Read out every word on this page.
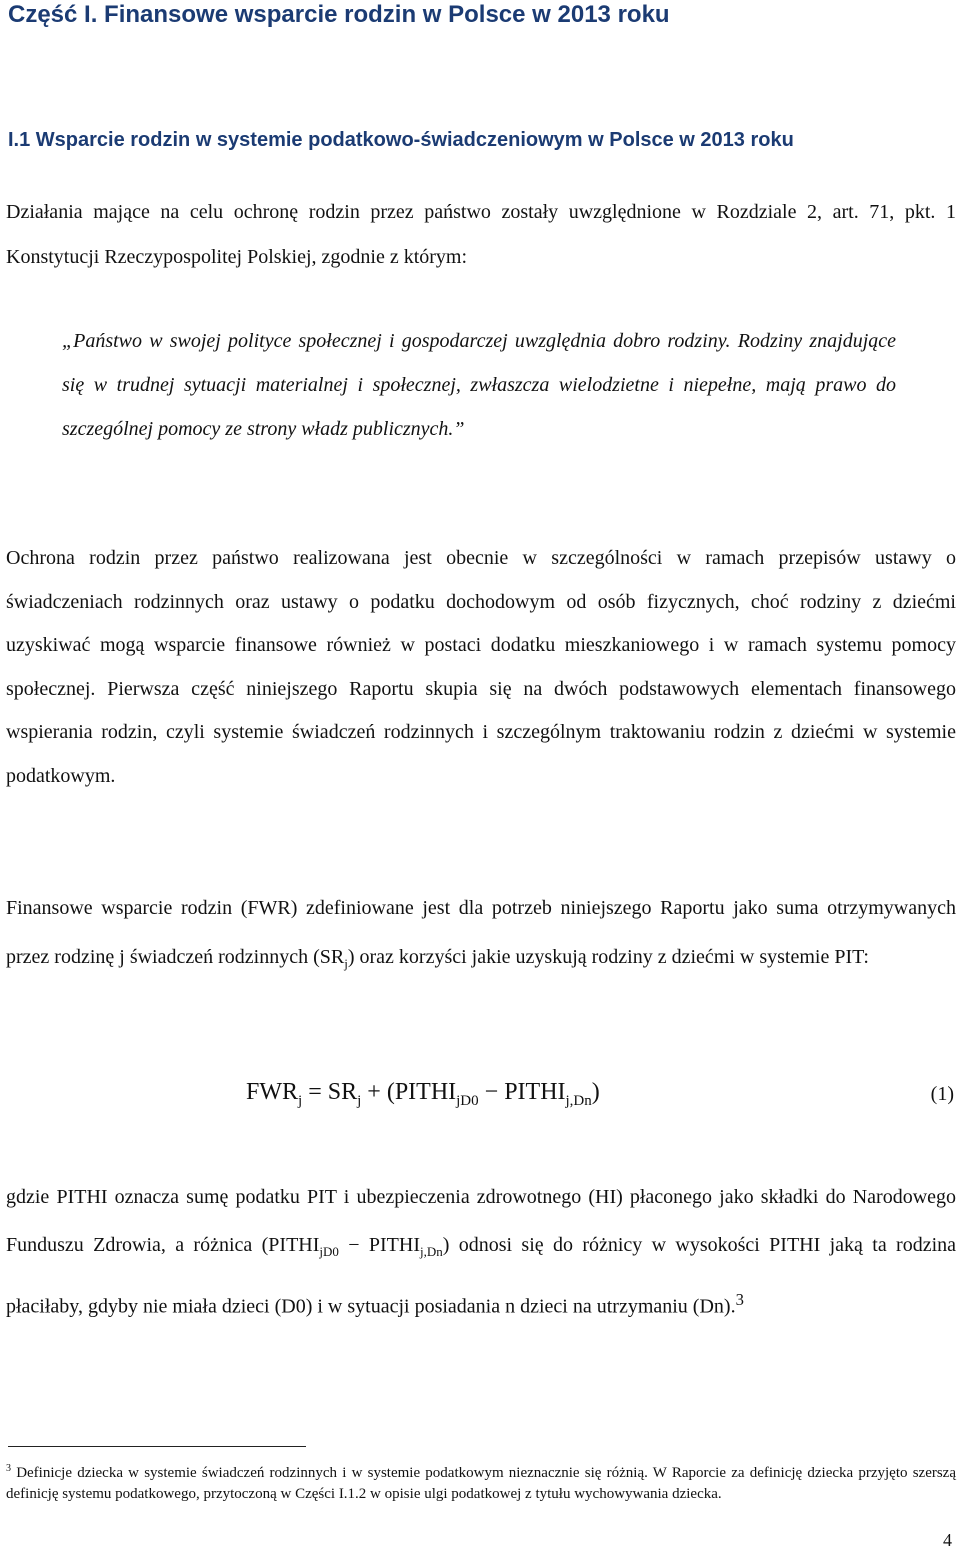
Część I. Finansowe wsparcie rodzin w Polsce w 2013 roku
I.1 Wsparcie rodzin w systemie podatkowo-świadczeniowym w Polsce w 2013 roku

Działania mające na celu ochronę rodzin przez państwo zostały uwzględnione w Rozdziale 2, art. 71, pkt. 1 Konstytucji Rzeczypospolitej Polskiej, zgodnie z którym:

„Państwo w swojej polityce społecznej i gospodarczej uwzględnia dobro rodziny. Rodziny znajdujące się w trudnej sytuacji materialnej i społecznej, zwłaszcza wielodzietne i niepełne, mają prawo do szczególnej pomocy ze strony władz publicznych.”

Ochrona rodzin przez państwo realizowana jest obecnie w szczególności w ramach przepisów ustawy o świadczeniach rodzinnych oraz ustawy o podatku dochodowym od osób fizycznych, choć rodziny z dziećmi uzyskiwać mogą wsparcie finansowe również w postaci dodatku mieszkaniowego i w ramach systemu pomocy społecznej. Pierwsza część niniejszego Raportu skupia się na dwóch podstawowych elementach finansowego wspierania rodzin, czyli systemie świadczeń rodzinnych i szczególnym traktowaniu rodzin z dziećmi w systemie podatkowym.

Finansowe wsparcie rodzin (FWR) zdefiniowane jest dla potrzeb niniejszego Raportu jako suma otrzymywanych przez rodzinę j świadczeń rodzinnych $(SR_j)$ oraz korzyści jakie uzyskują rodziny z dziećmi w systemie PIT:

$FWR_j = SR_j$ + ($PITHI_{jD0}$ − $PITHI_{j,Dn}$)	(1)

gdzie PITHI oznacza sumę podatku PIT i ubezpieczenia zdrowotnego (HI) płaconego jako składki do Narodowego Funduszu Zdrowia, a różnica ($PITHI_{jD0}$ − $PITHI_{j,Dn}$) odnosi się do różnicy w wysokości PITHI jaką ta rodzina płaciłaby, gdyby nie miała dzieci (D0) i w sytuacji posiadania n dzieci na utrzymaniu (Dn).$^3$

$^3$ Definicje dziecka w systemie świadczeń rodzinnych i w systemie podatkowym nieznacznie się różnią. W Raporcie za definicję dziecka przyjęto szerszą definicję systemu podatkowego, przytoczoną w Części I.1.2 w opisie ulgi podatkowej z tytułu wychowywania dziecka.

4
